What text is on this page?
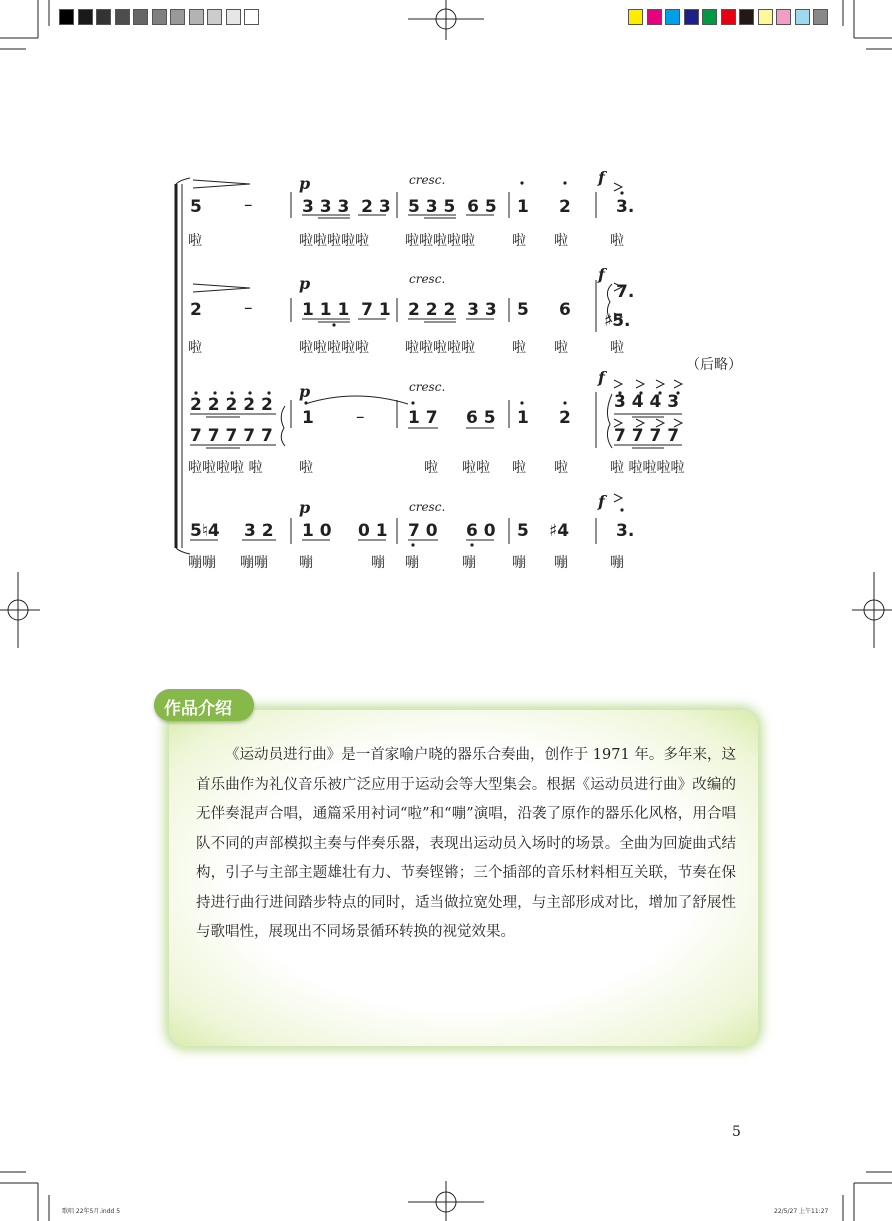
p	cresc.	f
p	cresc.	f
p	cresc.	f
p	cresc.	f
5 –	3 3 3  2 3 5 3 5  6 5 1 2	3.
啦	啦啦啦啦啦	啦啦啦啦啦	啦 啦	啦
2 –	1 1 1  7 1 2 2 2  3 3 5 6
7.
♯5.
啦	啦啦啦啦啦	啦啦啦啦啦	啦 啦	啦
（后略）
2 2 2 2 2
7 7 7 7 7
1 –	1 7 6 5 1 2
3 4 4 3
7 7 7 7
啦啦啦啦 啦	啦	啦 啦啦 啦 啦	啦 啦啦啦啦
5♮4 3 2 1 0 0 1 7 0 6 0 5 ♯4	3.
嘣嘣 嘣嘣 嘣	嘣 嘣	嘣	嘣 嘣	嘣
作品介绍

《运动员进行曲》是一首家喻户晓的器乐合奏曲，创作于 1971 年。多年来，这首乐曲作为礼仪音乐被广泛应用于运动会等大型集会。根据《运动员进行曲》改编的无伴奏混声合唱，通篇采用衬词“啦”和“嘣”演唱，沿袭了原作的器乐化风格，用合唱队不同的声部模拟主奏与伴奏乐器，表现出运动员入场时的场景。全曲为回旋曲式结构，引子与主部主题雄壮有力、节奏铿锵；三个插部的音乐材料相互关联，节奏在保持进行曲行进间踏步特点的同时，适当做拉宽处理，与主部形成对比，增加了舒展性与歌唱性，展现出不同场景循环转换的视觉效果。

5
歌唱 22年5月.indd 5	22/5/27 上午11:27
